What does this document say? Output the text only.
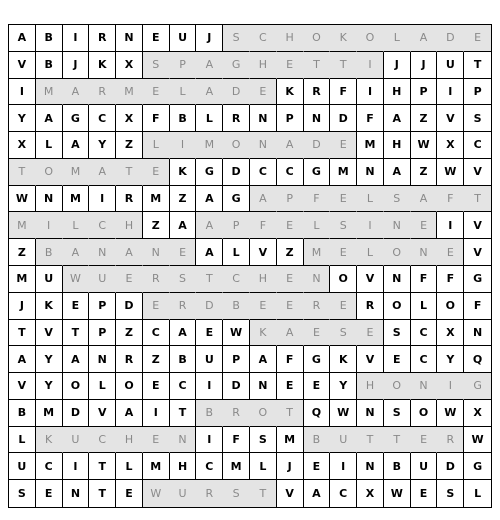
A	B	I	R	N	E	U	J	S	C	H	O	K	O	L	A	D	E
V	B	J	K	X	S	P	A	G	H	E	T	T	I	J	J	U	T
I	M	A	R	M	E	L	A	D	E	K	R	F	I	H	P	I	P
Y	A	G	C	X	F	B	L	R	N	P	N	D	F	A	Z	V	S
X	L	A	Y	Z	L	I	M	O	N	A	D	E	M	H	W	X	C
T	O	M	A	T	E	K	G	D	C	C	G	M	N	A	Z	W	V
W	N	M	I	R	M	Z	A	G	A	P	F	E	L	S	A	F	T
M	I	L	C	H	Z	A	A	P	F	E	L	S	I	N	E	I	V
Z	B	A	N	A	N	E	A	L	V	Z	M	E	L	O	N	E	V
M	U	W	U	E	R	S	T	C	H	E	N	O	V	N	F	F	G
J	K	E	P	D	E	R	D	B	E	E	R	E	R	O	L	O	F
T	V	T	P	Z	C	A	E	W	K	A	E	S	E	S	C	X	N
A	Y	A	N	R	Z	B	U	P	A	F	G	K	V	E	C	Y	Q
V	Y	O	L	O	E	C	I	D	N	E	E	Y	H	O	N	I	G
B	M	D	V	A	I	T	B	R	O	T	Q	W	N	S	O	W	X
L	K	U	C	H	E	N	I	F	S	M	B	U	T	T	E	R	W
U	C	I	T	L	M	H	C	M	L	J	E	I	N	B	U	D	G
S	E	N	T	E	W	U	R	S	T	V	A	C	X	W	E	S	L
